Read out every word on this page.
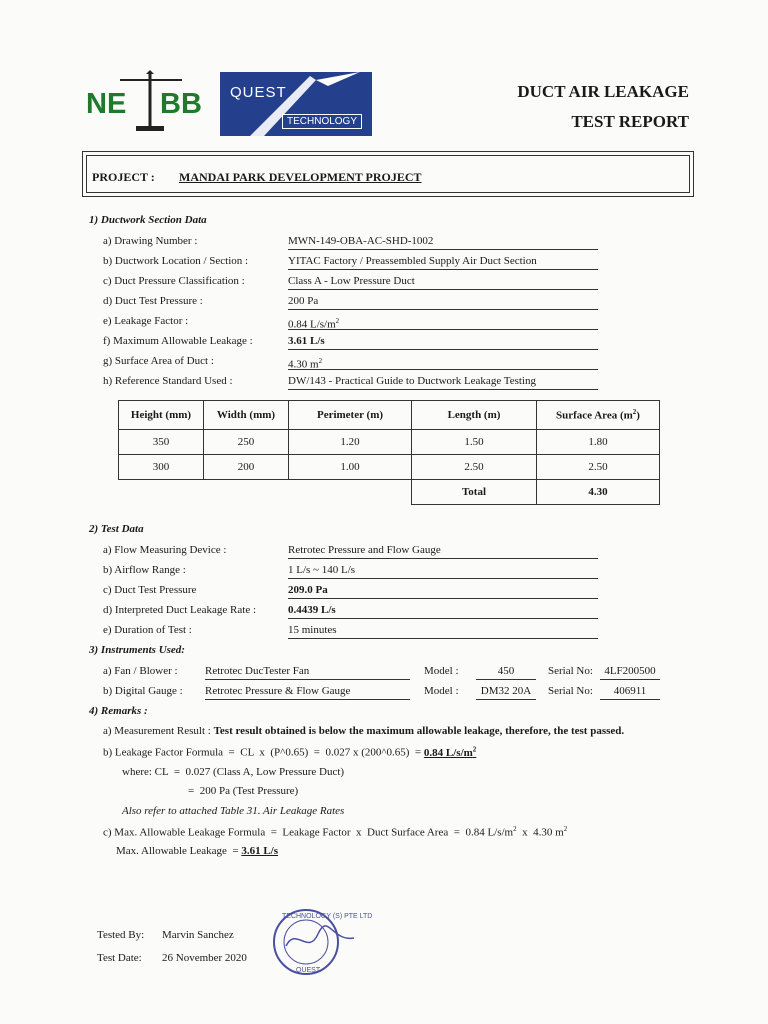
NE BB QUEST
TECHNOLOGY
DUCT AIR LEAKAGE
TEST REPORT
PROJECT : MANDAI PARK DEVELOPMENT PROJECT
1) Ductwork Section Data
a) Drawing Number :	MWN-149-OBA-AC-SHD-1002
b) Ductwork Location / Section :	YITAC Factory / Preassembled Supply Air Duct Section
c) Duct Pressure Classification :	Class A - Low Pressure Duct
d) Duct Test Pressure :	200 Pa
e) Leakage Factor :	0.84 $L/s/m^2$
f) Maximum Allowable Leakage :	3.61 L/s
g) Surface Area of Duct :	4.30 $m^2$
h) Reference Standard Used :	DW/143 - Practical Guide to Ductwork Leakage Testing
Height (mm)	Width (mm)	Perimeter (m)	Length (m)	Surface Area $(m^2)$
350	250	1.20	1.50	1.80
300	200	1.00	2.50	2.50
			Total	4.30
2) Test Data
a) Flow Measuring Device :	Retrotec Pressure and Flow Gauge
b) Airflow Range :	1 L/s ~ 140 L/s
c) Duct Test Pressure	209.0 Pa
d) Interpreted Duct Leakage Rate :	0.4439 L/s
e) Duration of Test :	15 minutes
3) Instruments Used:
a) Fan / Blower : Retrotec DucTester Fan	Model :	450	Serial No:	4LF200500
b) Digital Gauge : Retrotec Pressure & Flow Gauge	Model :	DM32 20A	Serial No:	406911
4) Remarks :
a) Measurement Result : Test result obtained is below the maximum allowable leakage, therefore, the test passed.
b) Leakage Factor Formula  =  CL  x  (P^0.65)  =  0.027 x (200^0.65)  = 0.84 $L/s/m^2$
where: CL  =  0.027 (Class A, Low Pressure Duct)
=  200 Pa (Test Pressure)
Also refer to attached Table 31. Air Leakage Rates
c) Max. Allowable Leakage Formula  =  Leakage Factor  x  Duct Surface Area  =  0.84 $L/s/m^2$  x  4.30 $m^2$
Max. Allowable Leakage  = 3.61 L/s
Tested By: Marvin Sanchez
Test Date: 26 November 2020
TECHNOLOGY (S) PTE LTD
QUEST
